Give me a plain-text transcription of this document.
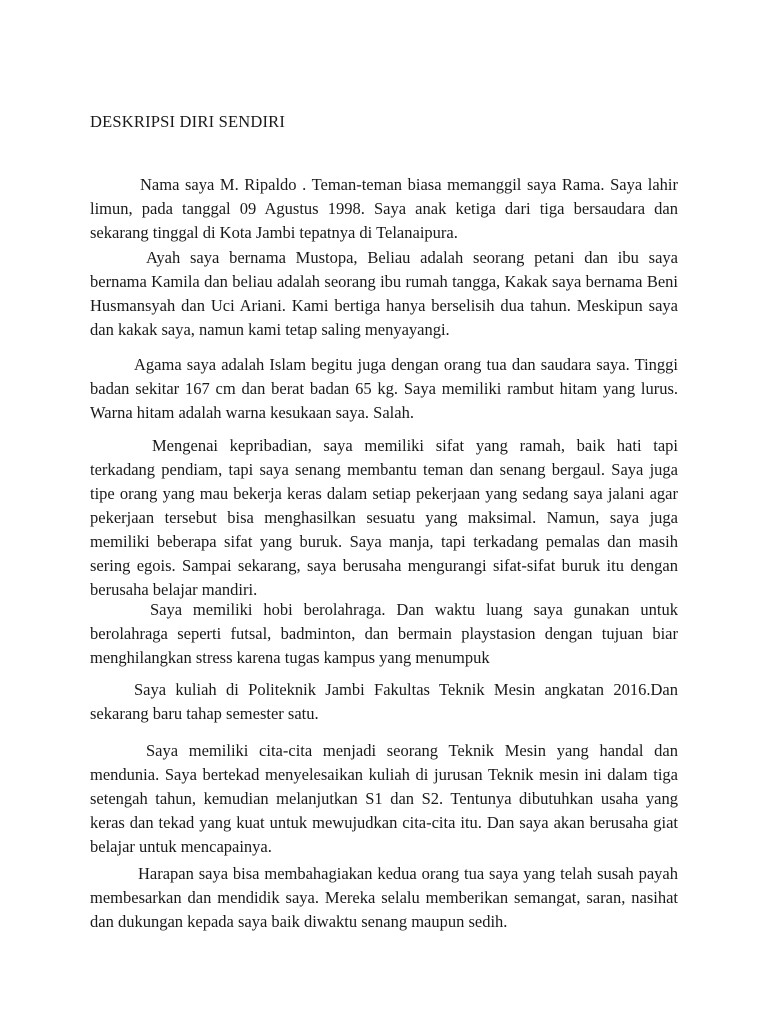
DESKRIPSI DIRI SENDIRI

Nama saya M. Ripaldo . Teman-teman biasa memanggil saya Rama. Saya lahir limun, pada tanggal 09 Agustus 1998. Saya anak ketiga dari tiga bersaudara dan sekarang tinggal di Kota Jambi tepatnya di Telanaipura.

Ayah saya bernama Mustopa, Beliau adalah seorang petani dan ibu saya bernama Kamila dan beliau adalah seorang ibu rumah tangga, Kakak saya bernama Beni Husmansyah dan Uci Ariani. Kami bertiga hanya berselisih dua tahun. Meskipun saya dan kakak saya, namun kami tetap saling menyayangi.

Agama saya adalah Islam begitu juga dengan orang tua dan saudara saya. Tinggi badan sekitar 167 cm dan berat badan 65 kg. Saya memiliki rambut hitam yang lurus. Warna hitam adalah warna kesukaan saya. Salah.

Mengenai kepribadian, saya memiliki sifat yang ramah, baik hati tapi terkadang pendiam, tapi saya senang membantu teman dan senang bergaul. Saya juga tipe orang yang mau bekerja keras dalam setiap pekerjaan yang sedang saya jalani agar pekerjaan tersebut bisa menghasilkan sesuatu yang maksimal. Namun, saya juga memiliki beberapa sifat yang buruk. Saya manja, tapi terkadang pemalas dan masih sering egois. Sampai sekarang, saya berusaha mengurangi sifat-sifat buruk itu dengan berusaha belajar mandiri.

Saya memiliki hobi berolahraga. Dan waktu luang saya gunakan untuk berolahraga seperti futsal, badminton, dan bermain playstasion dengan tujuan biar menghilangkan stress karena tugas kampus yang menumpuk

Saya kuliah di Politeknik Jambi Fakultas Teknik Mesin angkatan 2016.Dan sekarang baru tahap semester satu.

Saya memiliki cita-cita menjadi seorang Teknik Mesin yang handal dan mendunia. Saya bertekad menyelesaikan kuliah di jurusan Teknik mesin ini dalam tiga setengah tahun, kemudian melanjutkan S1 dan S2. Tentunya dibutuhkan usaha yang keras dan tekad yang kuat untuk mewujudkan cita-cita itu. Dan saya akan berusaha giat belajar untuk mencapainya.

Harapan saya bisa membahagiakan kedua orang tua saya yang telah susah payah membesarkan dan mendidik saya. Mereka selalu memberikan semangat, saran, nasihat dan dukungan kepada saya baik diwaktu senang maupun sedih.
